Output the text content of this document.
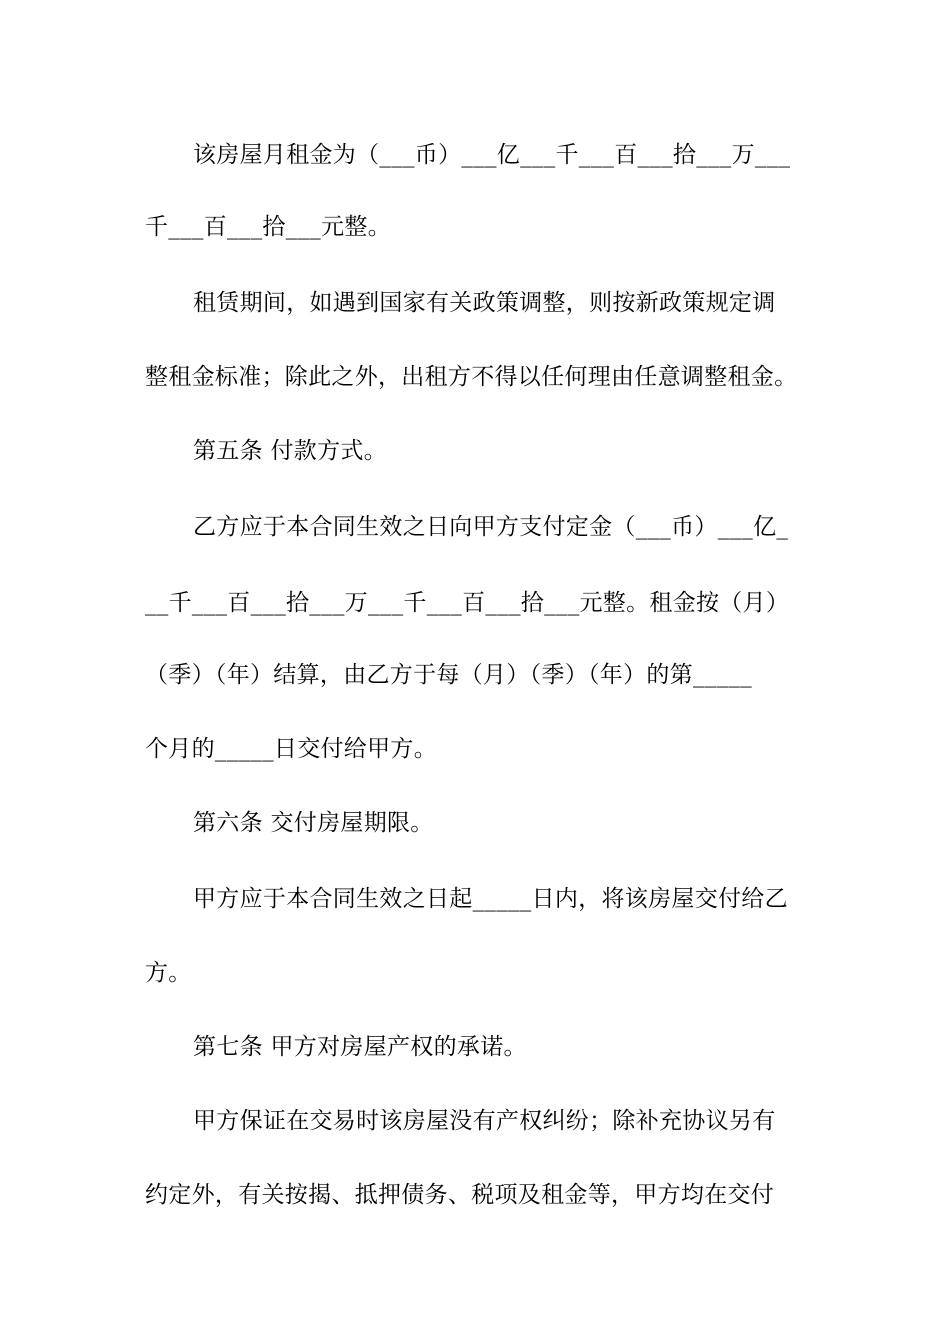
该房屋月租金为（___币）___亿___千___百___拾___万___
千___百___拾___元整。
租赁期间，如遇到国家有关政策调整，则按新政策规定调
整租金标准；除此之外，出租方不得以任何理由任意调整租金。
第五条 付款方式。
乙方应于本合同生效之日向甲方支付定金（___币）___亿_
__千___百___拾___万___千___百___拾___元整。租金按（月）
（季）（年）结算，由乙方于每（月）（季）（年）的第_____
个月的_____日交付给甲方。
第六条 交付房屋期限。
甲方应于本合同生效之日起_____日内，将该房屋交付给乙
方。
第七条 甲方对房屋产权的承诺。
甲方保证在交易时该房屋没有产权纠纷；除补充协议另有
约定外，有关按揭、抵押债务、税项及租金等，甲方均在交付
